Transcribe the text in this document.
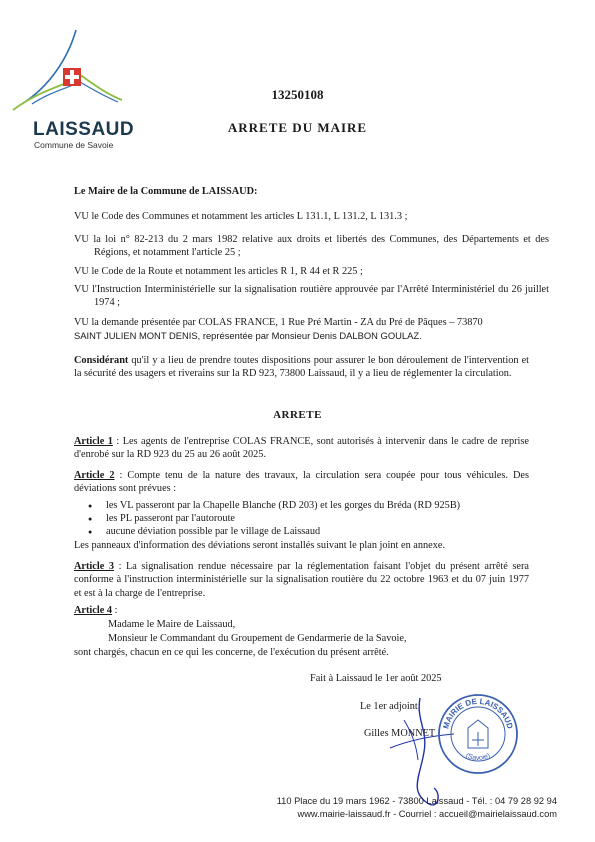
LAISSAUD
Commune de Savoie
13250108
ARRETE DU MAIRE
Le Maire de la Commune de LAISSAUD:
VU le Code des Communes et notamment les articles L 131.1, L 131.2, L 131.3 ;
VU la loi n° 82-213 du 2 mars 1982 relative aux droits et libertés des Communes, des Départements et des Régions, et notamment l'article 25 ;
VU le Code de la Route et notamment les articles R 1, R 44 et R 225 ;
VU l'Instruction Interministérielle sur la signalisation routière approuvée par l'Arrêté Interministériel du 26 juillet 1974 ;
VU la demande présentée par COLAS FRANCE, 1 Rue Pré Martin - ZA du Pré de Pâques – 73870
SAINT JULIEN MONT DENIS, représentée par Monsieur Denis DALBON GOULAZ.
Considérant qu'il y a lieu de prendre toutes dispositions pour assurer le bon déroulement de l'intervention et la sécurité des usagers et riverains sur la RD 923, 73800 Laissaud, il y a lieu de réglementer la circulation.
ARRETE
Article 1 : Les agents de l'entreprise COLAS FRANCE, sont autorisés à intervenir dans le cadre de reprise d'enrobé sur la RD 923 du 25 au 26 août 2025.
Article 2 : Compte tenu de la nature des travaux, la circulation sera coupée pour tous véhicules. Des déviations sont prévues :
● les VL passeront par la Chapelle Blanche (RD 203) et les gorges du Bréda (RD 925B)
● les PL passeront par l'autoroute
● aucune déviation possible par le village de Laissaud
Les panneaux d'information des déviations seront installés suivant le plan joint en annexe.
Article 3 : La signalisation rendue nécessaire par la réglementation faisant l'objet du présent arrêté sera conforme à l'instruction interministérielle sur la signalisation routière du 22 octobre 1963 et du 07 juin 1977 et est à la charge de l'entreprise.
Article 4 :
Madame le Maire de Laissaud,
Monsieur le Commandant du Groupement de Gendarmerie de la Savoie,
sont chargés, chacun en ce qui les concerne, de l'exécution du présent arrêté.
Fait à Laissaud le 1er août 2025
Le 1er adjoint,
Gilles MONNET
MAIRIE DE LAISSAUD
(Savoie)
110 Place du 19 mars 1962 - 73800 Laissaud - Tél. : 04 79 28 92 94
www.mairie-laissaud.fr - Courriel : accueil@mairielaissaud.com
